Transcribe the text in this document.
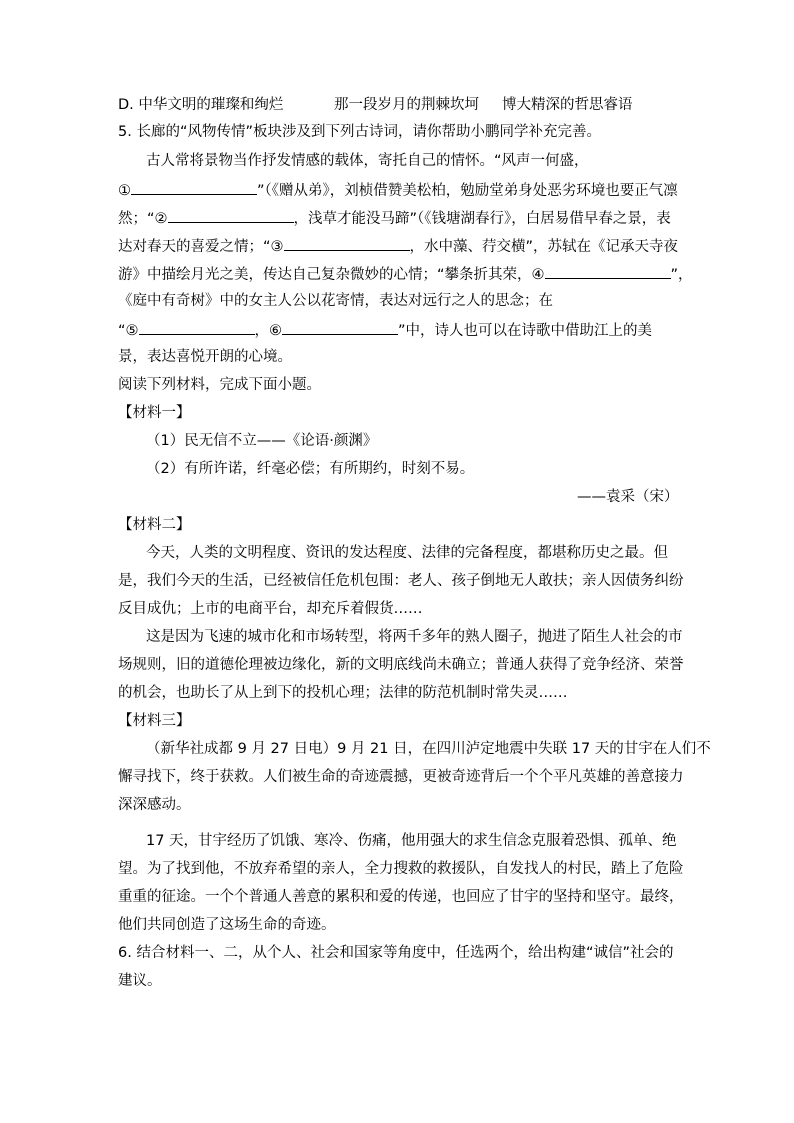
D. 中华文明的璀璨和绚烂	那一段岁月的荆棘坎坷 博大精深的哲思睿语
5. 长廊的“风物传情”板块涉及到下列古诗词，请你帮助小鹏同学补充完善。
古人常将景物当作抒发情感的载体，寄托自己的情怀。“风声一何盛，
①	”（《赠从弟》，刘桢借赞美松柏，勉励堂弟身处恶劣环境也要正气凛
然；“②	，浅草才能没马蹄”（《钱塘湖春行》，白居易借早春之景，表
达对春天的喜爱之情；“③	，水中藻、荇交横”，苏轼在《记承天寺夜
游》中描绘月光之美，传达自己复杂微妙的心情；“攀条折其荣，④	”，
《庭中有奇树》中的女主人公以花寄情，表达对远行之人的思念；在
“⑤	，⑥	”中，诗人也可以在诗歌中借助江上的美
景，表达喜悦开朗的心境。
阅读下列材料，完成下面小题。
【材料一】
（1）民无信不立——《论语·颜渊》
（2）有所许诺，纤毫必偿；有所期约，时刻不易。
——袁采（宋）
【材料二】
今天，人类的文明程度、资讯的发达程度、法律的完备程度，都堪称历史之最。但
是，我们今天的生活，已经被信任危机包围：老人、孩子倒地无人敢扶；亲人因债务纠纷
反目成仇；上市的电商平台，却充斥着假货……
这是因为飞速的城市化和市场转型，将两千多年的熟人圈子，抛进了陌生人社会的市
场规则，旧的道德伦理被边缘化，新的文明底线尚未确立；普通人获得了竞争经济、荣誉
的机会，也助长了从上到下的投机心理；法律的防范机制时常失灵……
【材料三】
（新华社成都 9 月 27 日电）9 月 21 日，在四川泸定地震中失联 17 天的甘宇在人们不
懈寻找下，终于获救。人们被生命的奇迹震撼，更被奇迹背后一个个平凡英雄的善意接力
深深感动。
17 天，甘宇经历了饥饿、寒冷、伤痛，他用强大的求生信念克服着恐惧、孤单、绝
望。为了找到他，不放弃希望的亲人，全力搜救的救援队，自发找人的村民，踏上了危险
重重的征途。一个个普通人善意的累积和爱的传递，也回应了甘宇的坚持和坚守。最终，
他们共同创造了这场生命的奇迹。
6. 结合材料一、二，从个人、社会和国家等角度中，任选两个，给出构建“诚信”社会的
建议。
